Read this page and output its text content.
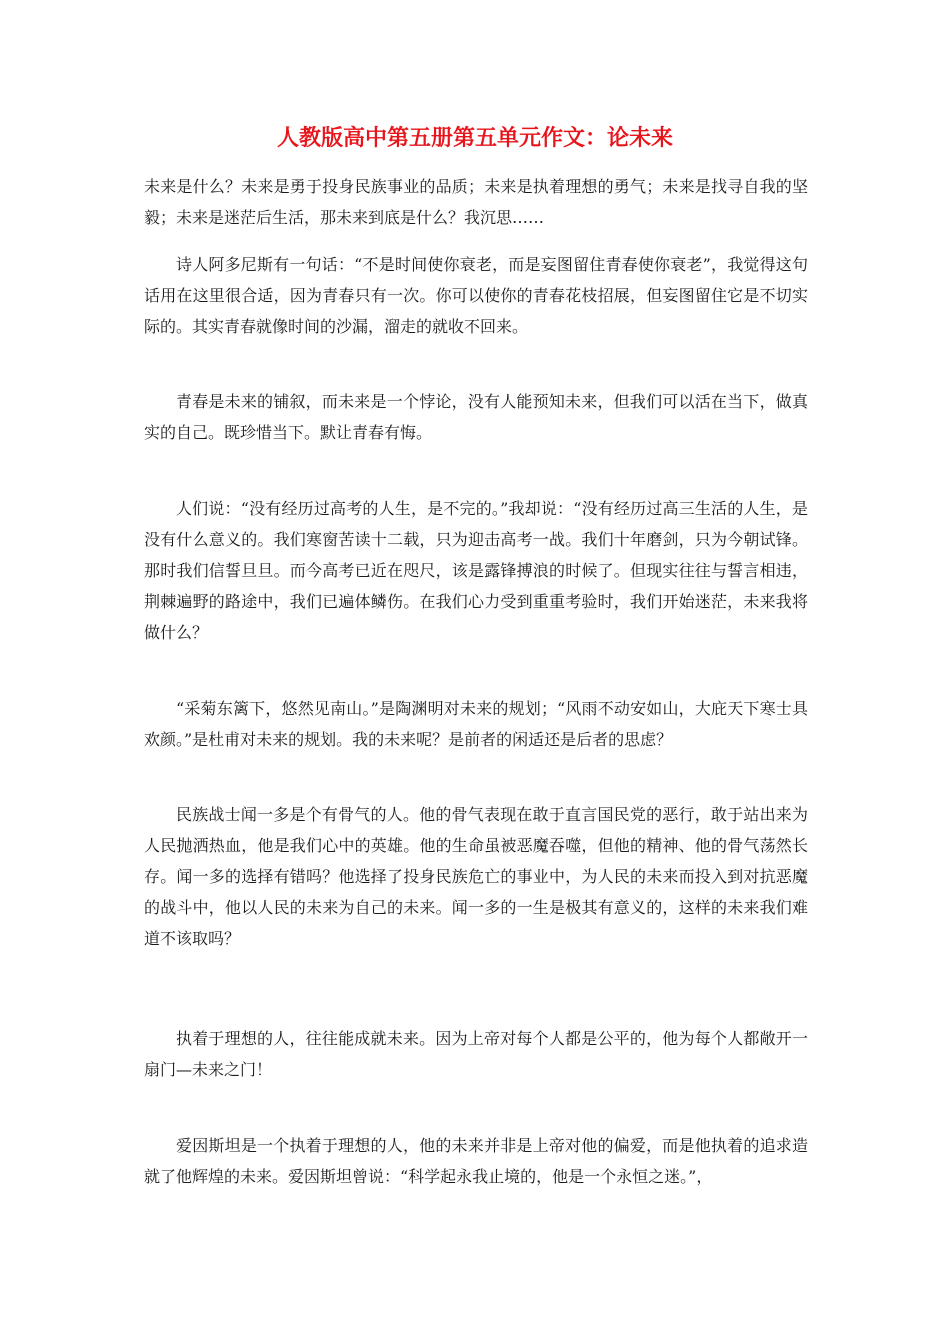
人教版高中第五册第五单元作文：论未来

未来是什么？未来是勇于投身民族事业的品质；未来是执着理想的勇气；未来是找寻自我的坚毅；未来是迷茫后生活，那未来到底是什么？我沉思……

诗人阿多尼斯有一句话：“不是时间使你衰老，而是妄图留住青春使你衰老”，我觉得这句话用在这里很合适，因为青春只有一次。你可以使你的青春花枝招展，但妄图留住它是不切实际的。其实青春就像时间的沙漏，溜走的就收不回来。

青春是未来的铺叙，而未来是一个悖论，没有人能预知未来，但我们可以活在当下，做真实的自己。既珍惜当下。默让青春有悔。

人们说：“没有经历过高考的人生，是不完的。”我却说：“没有经历过高三生活的人生，是没有什么意义的。我们寒窗苦读十二载，只为迎击高考一战。我们十年磨剑，只为今朝试锋。那时我们信誓旦旦。而今高考已近在咫尺，该是露锋搏浪的时候了。但现实往往与誓言相违，荆棘遍野的路途中，我们已遍体鳞伤。在我们心力受到重重考验时，我们开始迷茫，未来我将做什么？

“采菊东篱下，悠然见南山。”是陶渊明对未来的规划；“风雨不动安如山，大庇天下寒士具欢颜。”是杜甫对未来的规划。我的未来呢？是前者的闲适还是后者的思虑？

民族战士闻一多是个有骨气的人。他的骨气表现在敢于直言国民党的恶行，敢于站出来为人民抛洒热血，他是我们心中的英雄。他的生命虽被恶魔吞噬，但他的精神、他的骨气荡然长存。闻一多的选择有错吗？他选择了投身民族危亡的事业中，为人民的未来而投入到对抗恶魔的战斗中，他以人民的未来为自己的未来。闻一多的一生是极其有意义的，这样的未来我们难道不该取吗？

执着于理想的人，往往能成就未来。因为上帝对每个人都是公平的，他为每个人都敞开一扇门—未来之门！

爱因斯坦是一个执着于理想的人，他的未来并非是上帝对他的偏爱，而是他执着的追求造就了他辉煌的未来。爱因斯坦曾说：“科学起永我止境的，他是一个永恒之迷。”，
